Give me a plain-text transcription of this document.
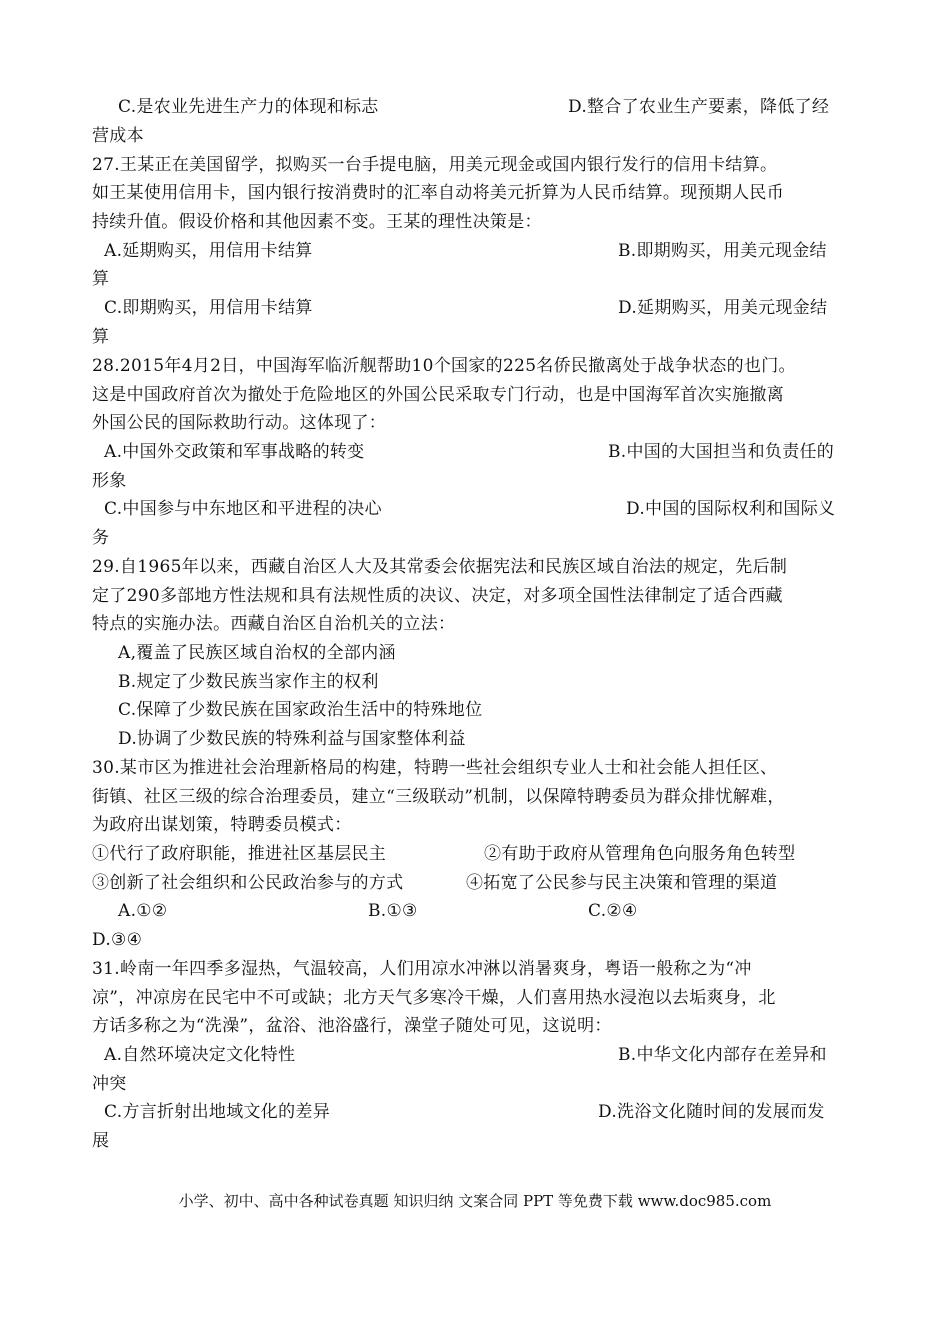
C.是农业先进生产力的体现和标志	D.整合了农业生产要素，降低了经
营成本
27.王某正在美国留学，拟购买一台手提电脑，用美元现金或国内银行发行的信用卡结算。
如王某使用信用卡，国内银行按消费时的汇率自动将美元折算为人民币结算。现预期人民币
持续升值。假设价格和其他因素不变。王某的理性决策是：
A.延期购买，用信用卡结算	B.即期购买，用美元现金结
算
C.即期购买，用信用卡结算	D.延期购买，用美元现金结
算
28.2015年4月2日，中国海军临沂舰帮助10个国家的225名侨民撤离处于战争状态的也门。
这是中国政府首次为撤处于危险地区的外国公民采取专门行动，也是中国海军首次实施撤离
外国公民的国际救助行动。这体现了：
A.中国外交政策和军事战略的转变	B.中国的大国担当和负责任的
形象
C.中国参与中东地区和平进程的决心	D.中国的国际权利和国际义
务
29.自1965年以来，西藏自治区人大及其常委会依据宪法和民族区域自治法的规定，先后制
定了290多部地方性法规和具有法规性质的决议、决定，对多项全国性法律制定了适合西藏
特点的实施办法。西藏自治区自治机关的立法：
A,覆盖了民族区域自治权的全部内涵
B.规定了少数民族当家作主的权利
C.保障了少数民族在国家政治生活中的特殊地位
D.协调了少数民族的特殊利益与国家整体利益
30.某市区为推进社会治理新格局的构建，特聘一些社会组织专业人士和社会能人担任区、
街镇、社区三级的综合治理委员，建立“三级联动”机制，以保障特聘委员为群众排忧解难，
为政府出谋划策，特聘委员模式：
①代行了政府职能，推进社区基层民主	②有助于政府从管理角色向服务角色转型
③创新了社会组织和公民政治参与的方式	④拓宽了公民参与民主决策和管理的渠道
A.①②	B.①③	C.②④
D.③④
31.岭南一年四季多湿热，气温较高，人们用凉水冲淋以消暑爽身，粤语一般称之为“冲
凉”，冲凉房在民宅中不可或缺；北方天气多寒冷干燥，人们喜用热水浸泡以去垢爽身，北
方话多称之为“洗澡”，盆浴、池浴盛行，澡堂子随处可见，这说明：
A.自然环境决定文化特性	B.中华文化内部存在差异和
冲突
C.方言折射出地域文化的差异	D.洗浴文化随时间的发展而发
展
小学、初中、高中各种试卷真题 知识归纳 文案合同 PPT 等免费下载 www.doc985.com
